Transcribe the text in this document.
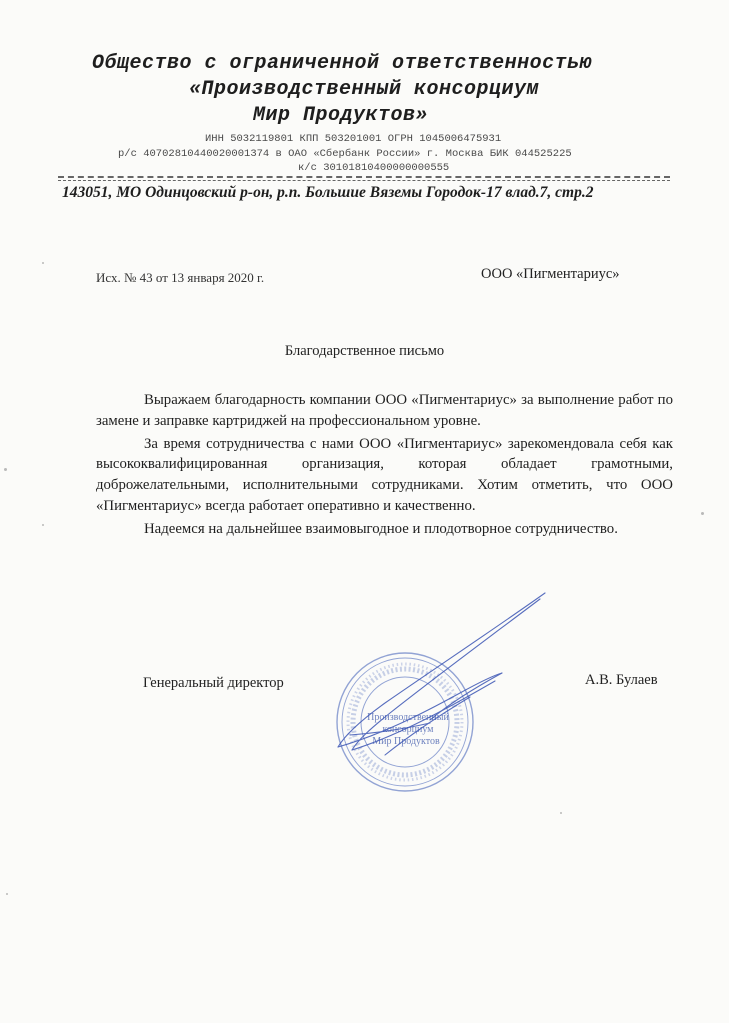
Общество с ограниченной ответственностью
«Производственный консорциум
Мир Продуктов»
ИНН 5032119801 КПП 503201001 ОГРН 1045006475931
р/с 40702810440020001374 в ОАО «Сбербанк России» г. Москва БИК 044525225
к/с 30101810400000000555
143051, МО Одинцовский р-он, р.п. Большие Вяземы Городок-17 влад.7, стр.2
Исх. № 43 от 13 января 2020 г.	ООО «Пигментариус»
Благодарственное письмо

Выражаем благодарность компании ООО «Пигментариус» за выполнение работ по замене и заправке картриджей на профессиональном уровне.

За время сотрудничества с нами ООО «Пигментариус» зарекомендовала себя как высококвалифицированная организация, которая обладает грамотными, доброжелательными, исполнительными сотрудниками. Хотим отметить, что ООО «Пигментариус» всегда работает оперативно и качественно.

Надеемся на дальнейшее взаимовыгодное и плодотворное сотрудничество.

Генеральный директор	А.В. Булаев
Производственный
консорциум
Мир Продуктов
